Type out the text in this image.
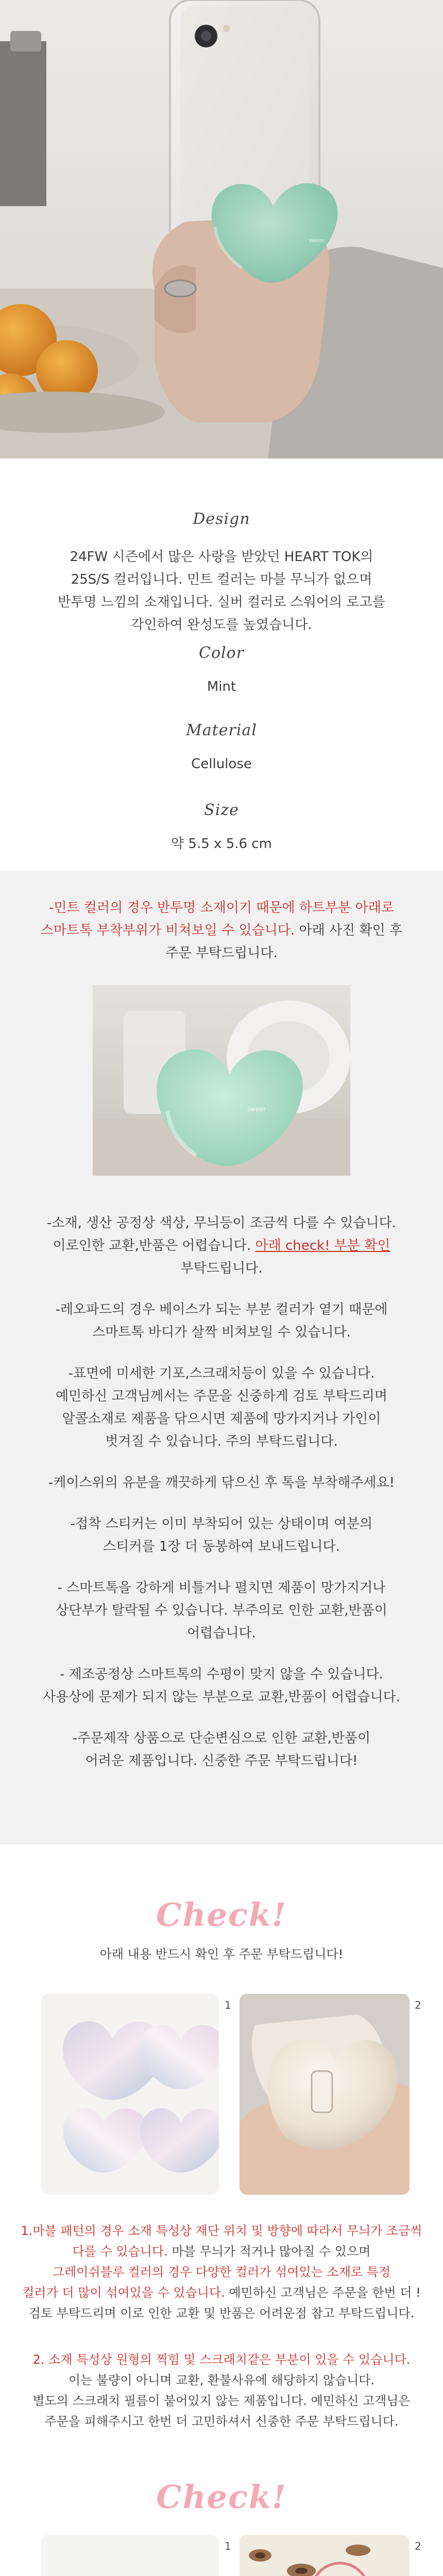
sweer

Design

24FW 시즌에서 많은 사랑을 받았던 HEART TOK의

25S/S 컬러입니다. 민트 컬러는 마블 무늬가 없으며

반투명 느낌의 소재입니다. 실버 컬러로 스워어의 로고를

각인하여 완성도를 높였습니다.

Color

Mint

Material

Cellulose

Size

약 5.5 x 5.6 cm

-민트 컬러의 경우 반투명 소재이기 때문에 하트부분 아래로

스마트톡 부착부위가 비쳐보일 수 있습니다. 아래 사진 확인 후

주문 부탁드립니다.

sweer

-소재, 생산 공정상 색상, 무늬등이 조금씩 다를 수 있습니다.

이로인한 교환,반품은 어렵습니다. 아래 check! 부분 확인

부탁드립니다.

-레오파드의 경우 베이스가 되는 부분 컬러가 옅기 때문에

스마트톡 바디가 살짝 비쳐보일 수 있습니다.

-표면에 미세한 기포,스크래치등이 있을 수 있습니다.

예민하신 고객님께서는 주문을 신중하게 검토 부탁드리며

알콜소재로 제품을 닦으시면 제품에 망가지거나 가인이

벗겨질 수 있습니다. 주의 부탁드립니다.

-케이스위의 유분을 깨끗하게 닦으신 후 톡을 부착해주세요!

-접착 스티커는 이미 부착되어 있는 상태이며 여분의

스티커를 1장 더 동봉하여 보내드립니다.

- 스마트톡을 강하게 비틀거나 펼치면 제품이 망가지거나

상단부가 탈락될 수 있습니다. 부주의로 인한 교환,반품이

어렵습니다.

- 제조공정상 스마트톡의 수평이 맞지 않을 수 있습니다.

사용상에 문제가 되지 않는 부분으로 교환,반품이 어렵습니다.

-주문제작 상품으로 단순변심으로 인한 교환,반품이

어려운 제품입니다. 신중한 주문 부탁드립니다!

Check!

아래 내용 반드시 확인 후 주문 부탁드립니다!

1	2

1.마블 패턴의 경우 소재 특성상 재단 위치 및 방향에 따라서 무늬가 조금씩

다를 수 있습니다. 마블 무늬가 적거나 많아질 수 있으며

그레이쉬블루 컬러의 경우 다양한 컬러가 섞여있는 소재로 특정

컬러가 더 많이 섞여있을 수 있습니다. 예민하신 고객님은 주문을 한번 더 !

검토 부탁드리며 이로 인한 교환 및 반품은 어려운점 참고 부탁드립니다.

2. 소재 특성상 원형의 찍힘 및 스크래치같은 부분이 있을 수 있습니다.

이는 불량이 아니며 교환, 환불사유에 해당하지 않습니다.

별도의 스크래치 필름이 붙어있지 않는 제품입니다. 예민하신 고객님은

주문을 피해주시고 한번 더 고민하셔서 신중한 주문 부탁드립니다.

Check!

1	2
